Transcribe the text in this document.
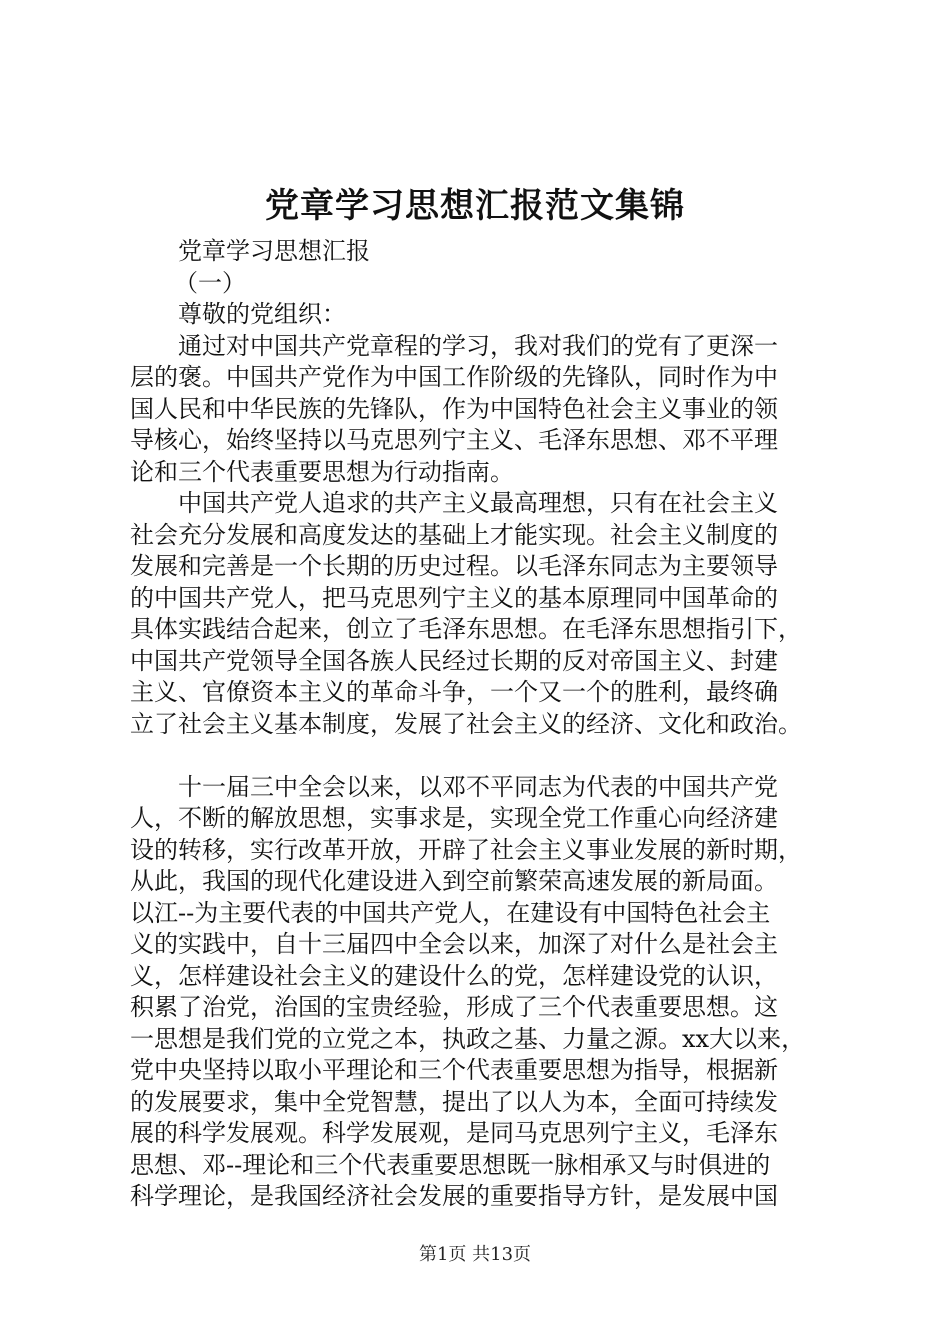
党章学习思想汇报范文集锦
党章学习思想汇报
（一）
尊敬的党组织：
通过对中国共产党章程的学习，我对我们的党有了更深一
层的褒。中国共产党作为中国工作阶级的先锋队，同时作为中
国人民和中华民族的先锋队，作为中国特色社会主义事业的领
导核心，始终坚持以马克思列宁主义、毛泽东思想、邓不平理
论和三个代表重要思想为行动指南。
中国共产党人追求的共产主义最高理想，只有在社会主义
社会充分发展和高度发达的基础上才能实现。社会主义制度的
发展和完善是一个长期的历史过程。以毛泽东同志为主要领导
的中国共产党人，把马克思列宁主义的基本原理同中国革命的
具体实践结合起来，创立了毛泽东思想。在毛泽东思想指引下，
中国共产党领导全国各族人民经过长期的反对帝国主义、封建
主义、官僚资本主义的革命斗争，一个又一个的胜利，最终确
立了社会主义基本制度，发展了社会主义的经济、文化和政治。
十一届三中全会以来，以邓不平同志为代表的中国共产党
人，不断的解放思想，实事求是，实现全党工作重心向经济建
设的转移，实行改革开放，开辟了社会主义事业发展的新时期，
从此，我国的现代化建设进入到空前繁荣高速发展的新局面。
以江--为主要代表的中国共产党人，在建设有中国特色社会主
义的实践中，自十三届四中全会以来，加深了对什么是社会主
义，怎样建设社会主义的建设什么的党，怎样建设党的认识，
积累了治党，治国的宝贵经验，形成了三个代表重要思想。这
一思想是我们党的立党之本，执政之基、力量之源。xx大以来，
党中央坚持以取小平理论和三个代表重要思想为指导，根据新
的发展要求，集中全党智慧，提出了以人为本，全面可持续发
展的科学发展观。科学发展观，是同马克思列宁主义，毛泽东
思想、邓--理论和三个代表重要思想既一脉相承又与时俱进的
科学理论，是我国经济社会发展的重要指导方针，是发展中国
第1页 共13页
